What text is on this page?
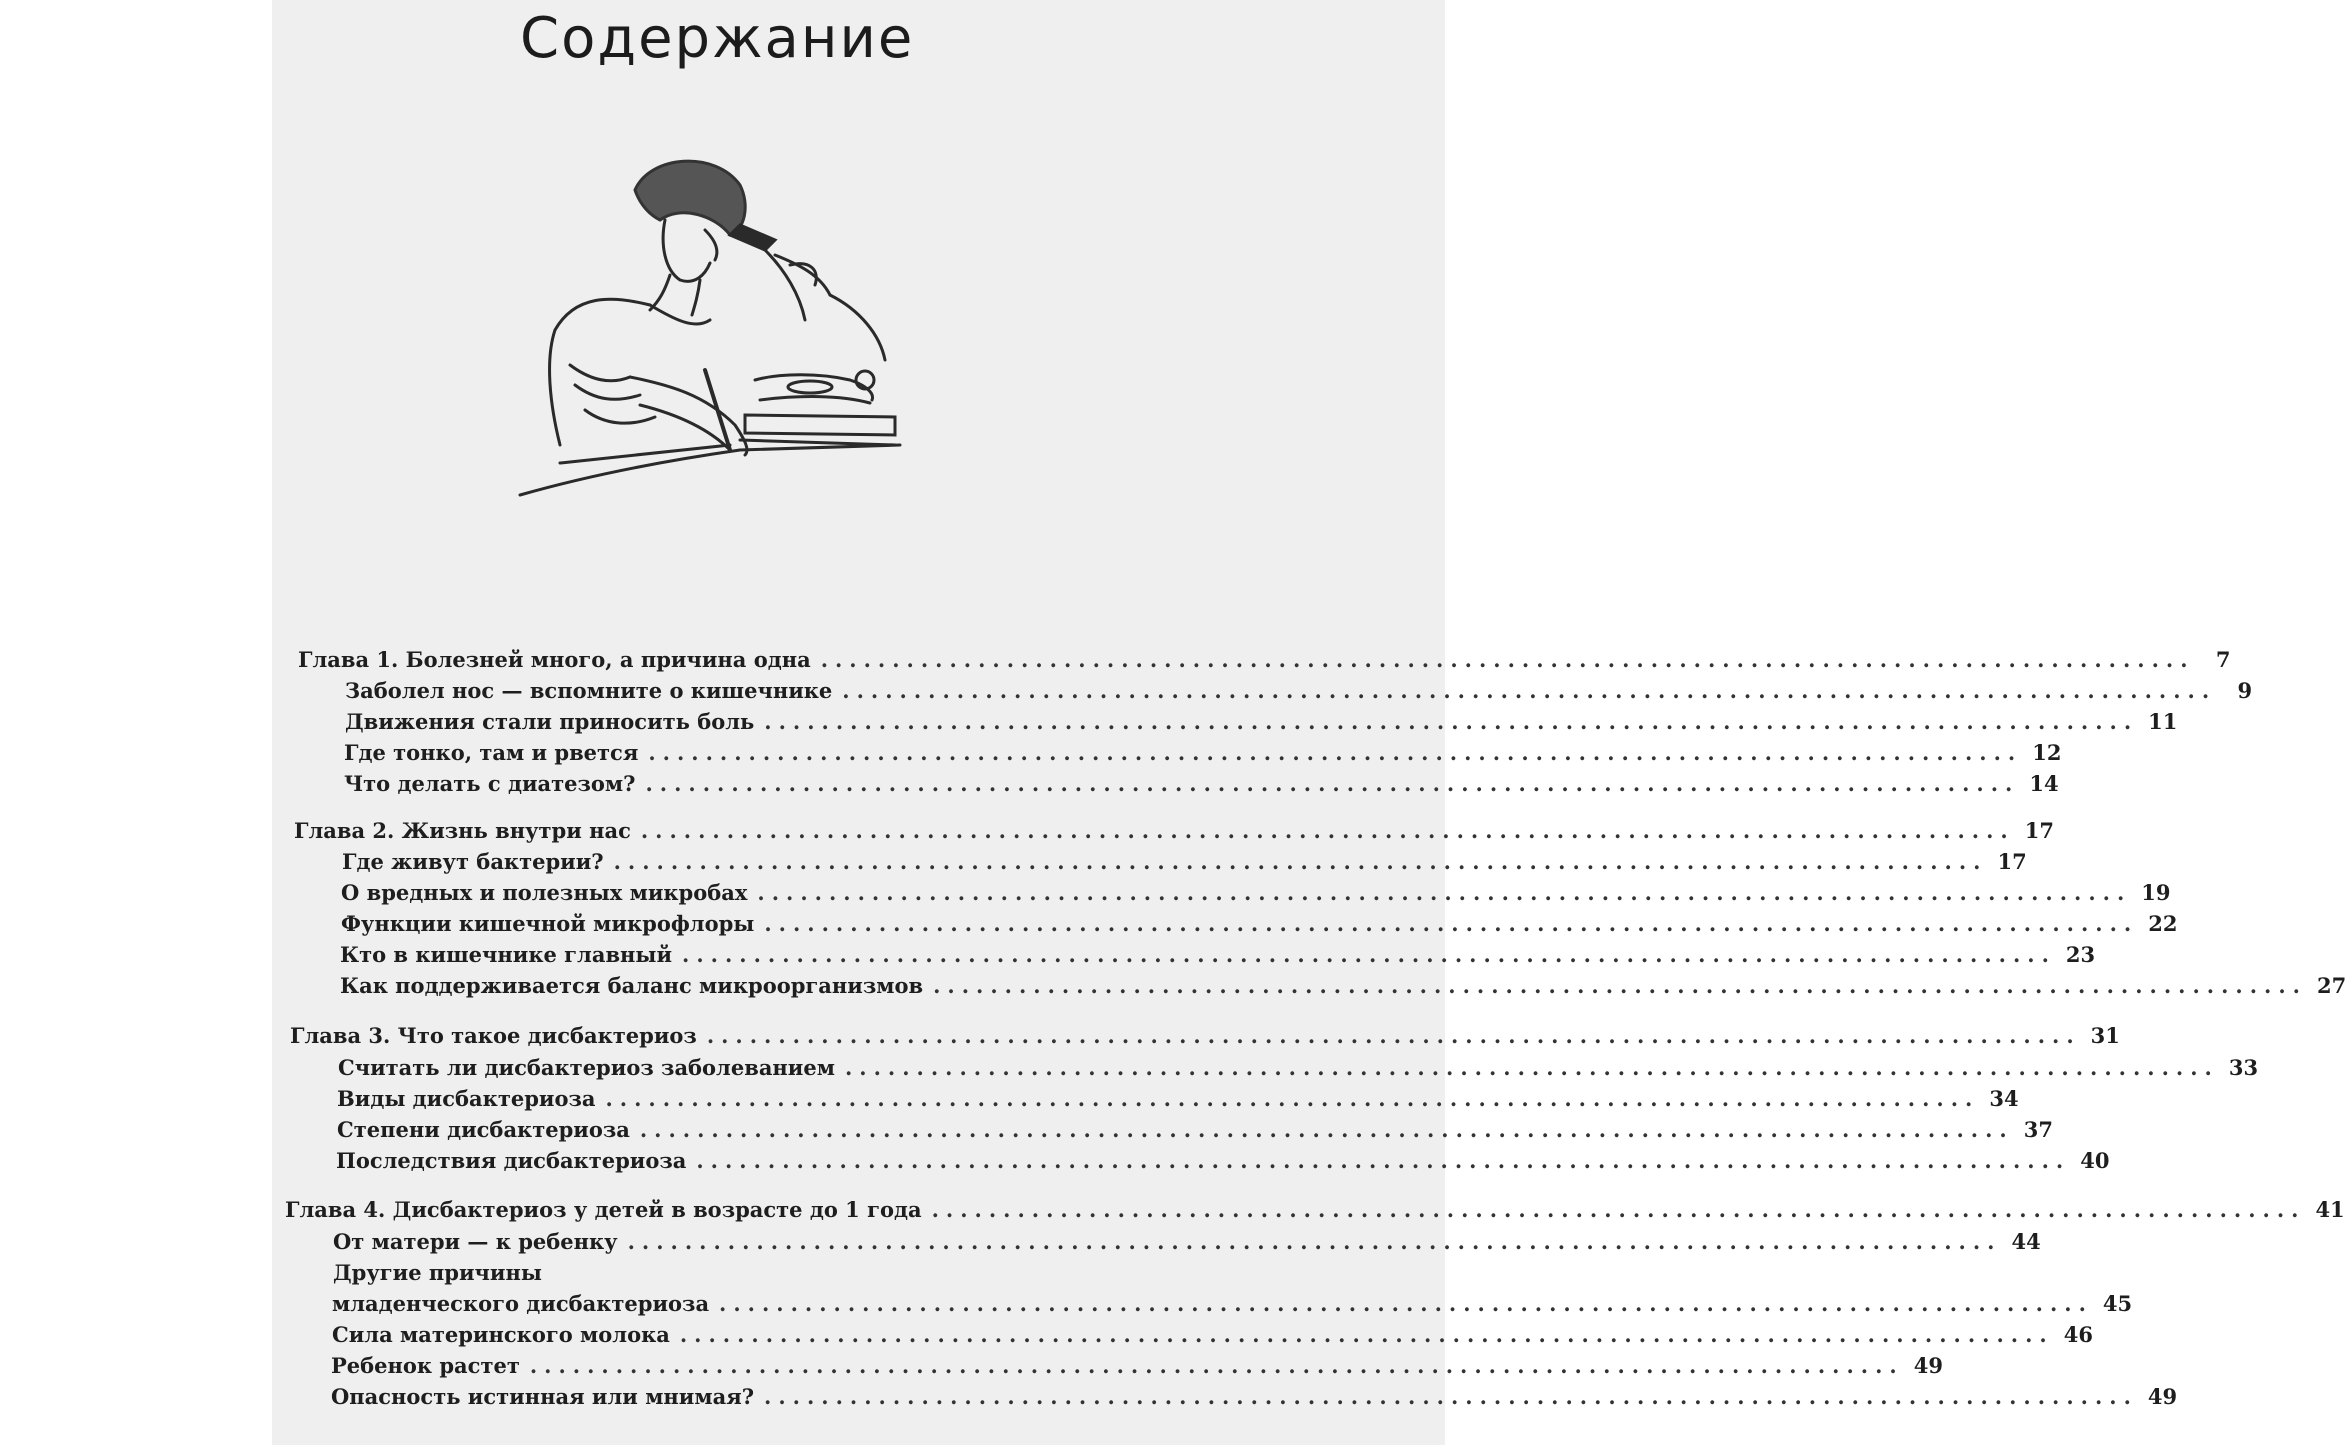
Содержание
Глава 1. Болезней много, а причина одна ................................................................................................	7
Заболел нос — вспомните о кишечнике ................................................................................................	9
Движения стали приносить боль ................................................................................................ 11
Где тонко, там и рвется ................................................................................................ 12
Что делать с диатезом? ................................................................................................ 14
Глава 2. Жизнь внутри нас ................................................................................................ 17
Где живут бактерии? ................................................................................................ 17
О вредных и полезных микробах ................................................................................................ 19
Функции кишечной микрофлоры ................................................................................................ 22
Кто в кишечнике главный ................................................................................................ 23
Как поддерживается баланс микроорганизмов ................................................................................................ 27
Глава 3. Что такое дисбактериоз ................................................................................................ 31
Считать ли дисбактериоз заболеванием ................................................................................................ 33
Виды дисбактериоза ................................................................................................ 34
Степени дисбактериоза ................................................................................................ 37
Последствия дисбактериоза ................................................................................................ 40
Глава 4. Дисбактериоз у детей в возрасте до 1 года ................................................................................................ 41
От матери — к ребенку ................................................................................................ 44
Другие причины
младенческого дисбактериоза ................................................................................................ 45
Сила материнского молока ................................................................................................ 46
Ребенок растет ................................................................................................ 49
Опасность истинная или мнимая? ................................................................................................ 49
